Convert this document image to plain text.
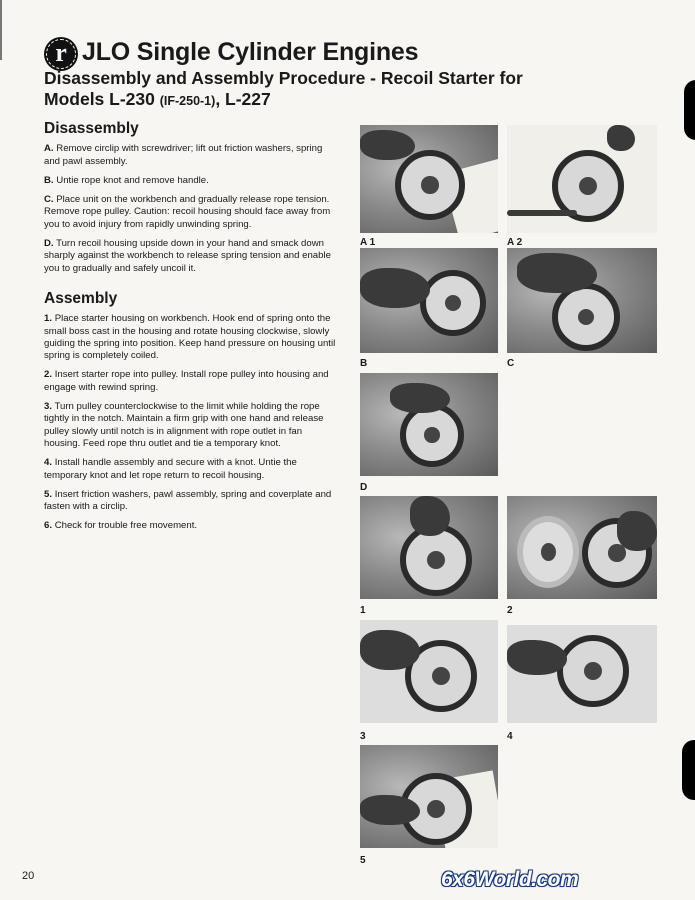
r JLO Single Cylinder Engines
Disassembly and Assembly Procedure - Recoil Starter for
Models L-230 (IF-250-1), L-227
Disassembly

A. Remove circlip with screwdriver; lift out friction washers, spring and pawl assembly.

B. Untie rope knot and remove handle.

C. Place unit on the workbench and gradually release rope tension. Remove rope pulley. Caution: recoil housing should face away from you to avoid injury from rapidly unwinding spring.

D. Turn recoil housing upside down in your hand and smack down sharply against the workbench to release spring tension and enable you to gradually and safely uncoil it.

Assembly

1. Place starter housing on workbench. Hook end of spring onto the small boss cast in the housing and rotate housing clockwise, slowly guiding the spring into position. Keep hand pressure on housing until spring is completely coiled.

2. Insert starter rope into pulley. Install rope pulley into housing and engage with rewind spring.

3. Turn pulley counterclockwise to the limit while holding the rope tightly in the notch. Maintain a firm grip with one hand and release pulley slowly until notch is in alignment with rope outlet in fan housing. Feed rope thru outlet and tie a temporary knot.

4. Install handle assembly and secure with a knot. Untie the temporary knot and let rope return to recoil housing.

5. Insert friction washers, pawl assembly, spring and coverplate and fasten with a circlip.

6. Check for trouble free movement.

A 1	A 2
B	C
D
1	2
3	4
5
20	6x6World.com
